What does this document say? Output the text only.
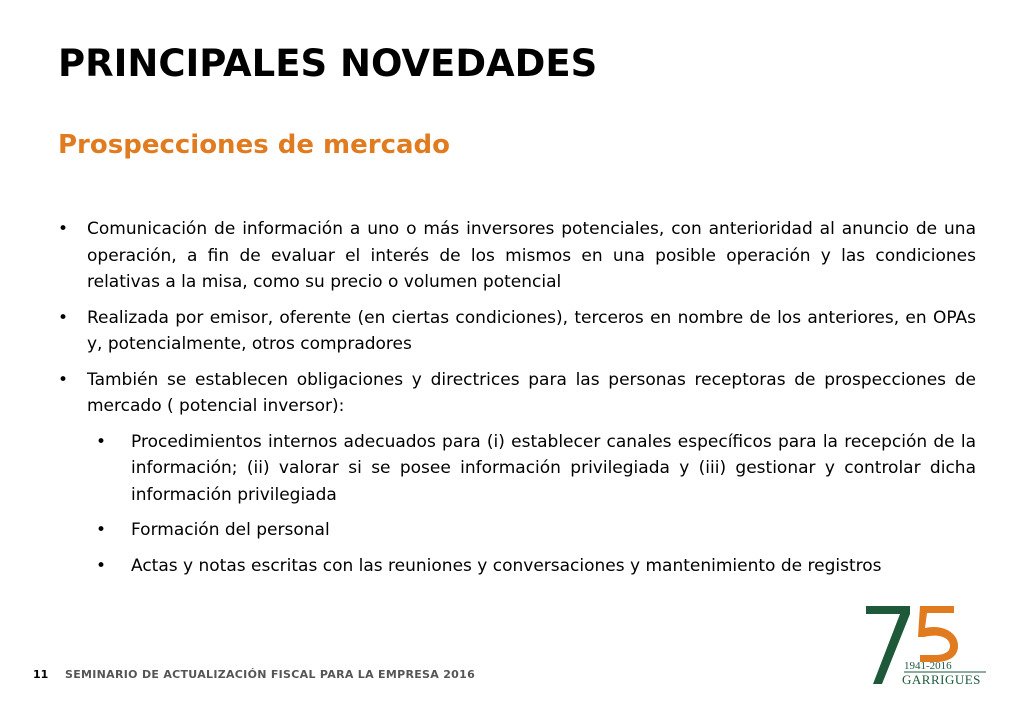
PRINCIPALES NOVEDADES
Prospecciones de mercado
•	Comunicación de información a uno o más inversores potenciales, con anterioridad al anuncio de una operación, a fin de evaluar el interés de los mismos en una posible operación y las condiciones relativas a la misa, como su precio o volumen potencial
•	Realizada por emisor, oferente (en ciertas condiciones), terceros en nombre de los anteriores, en OPAs y, potencialmente, otros compradores
•	También se establecen obligaciones y directrices para las personas receptoras de prospecciones de mercado ( potencial inversor):
•	Procedimientos internos adecuados para (i) establecer canales específicos para la recepción de la información; (ii) valorar si se posee información privilegiada y (iii) gestionar y controlar dicha información privilegiada
•	Formación del personal
•	Actas y notas escritas con las reuniones y conversaciones y mantenimiento de registros
11 SEMINARIO DE ACTUALIZACIÓN FISCAL PARA LA EMPRESA 2016
1941-2016
GARRIGUES
